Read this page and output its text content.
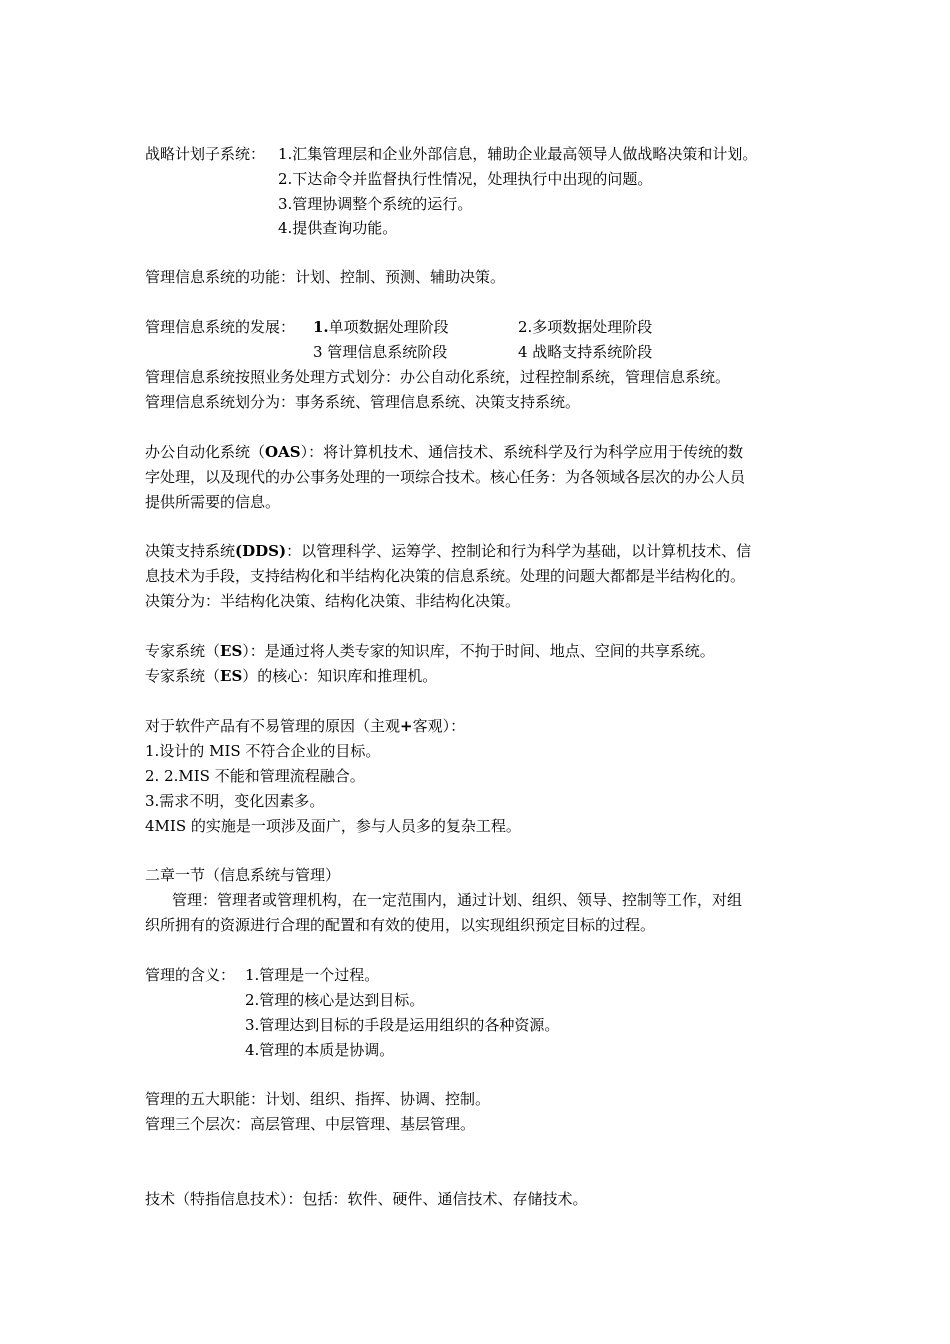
战略计划子系统： 1.汇集管理层和企业外部信息，辅助企业最高领导人做战略决策和计划。
2.下达命令并监督执行性情况，处理执行中出现的问题。
3.管理协调整个系统的运行。
4.提供查询功能。
管理信息系统的功能：计划、控制、预测、辅助决策。
管理信息系统的发展： 1.单项数据处理阶段	2.多项数据处理阶段
3 管理信息系统阶段	4 战略支持系统阶段
管理信息系统按照业务处理方式划分：办公自动化系统，过程控制系统，管理信息系统。
管理信息系统划分为：事务系统、管理信息系统、决策支持系统。
办公自动化系统（OAS）：将计算机技术、通信技术、系统科学及行为科学应用于传统的数
字处理，以及现代的办公事务处理的一项综合技术。核心任务：为各领域各层次的办公人员
提供所需要的信息。
决策支持系统(DDS)：以管理科学、运筹学、控制论和行为科学为基础，以计算机技术、信
息技术为手段，支持结构化和半结构化决策的信息系统。处理的问题大都都是半结构化的。
决策分为：半结构化决策、结构化决策、非结构化决策。
专家系统（ES）：是通过将人类专家的知识库，不拘于时间、地点、空间的共享系统。
专家系统（ES）的核心：知识库和推理机。
对于软件产品有不易管理的原因（主观+客观）：
1.设计的 MIS 不符合企业的目标。
2. 2.MIS 不能和管理流程融合。
3.需求不明，变化因素多。
4MIS 的实施是一项涉及面广，参与人员多的复杂工程。
二章一节（信息系统与管理）
管理：管理者或管理机构，在一定范围内，通过计划、组织、领导、控制等工作，对组
织所拥有的资源进行合理的配置和有效的使用，以实现组织预定目标的过程。
管理的含义： 1.管理是一个过程。
2.管理的核心是达到目标。
3.管理达到目标的手段是运用组织的各种资源。
4.管理的本质是协调。
管理的五大职能：计划、组织、指挥、协调、控制。
管理三个层次：高层管理、中层管理、基层管理。
技术（特指信息技术）：包括：软件、硬件、通信技术、存储技术。
